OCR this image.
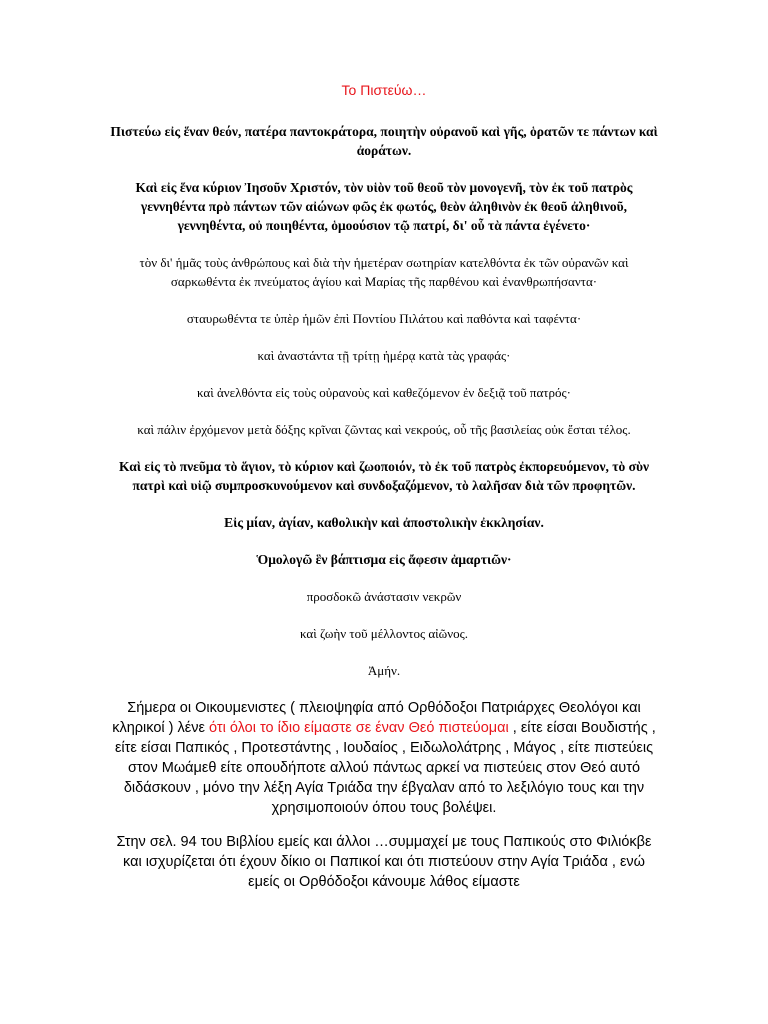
Το Πιστεύω…
Πιστεύω εἰς ἕναν θεόν, πατέρα παντοκράτορα, ποιητὴν οὐρανοῦ καὶ γῆς, ὁρατῶν τε πάντων καὶ ἀοράτων.
Καὶ εἰς ἕνα κύριον Ἰησοῦν Χριστόν, τὸν υἱὸν τοῦ θεοῦ τὸν μονογενῆ, τὸν ἐκ τοῦ πατρὸς γεννηθέντα πρὸ πάντων τῶν αἰώνων φῶς ἐκ φωτός, θεὸν ἀληθινὸν ἐκ θεοῦ ἀληθινοῦ, γεννηθέντα, οὐ ποιηθέντα, ὁμοούσιον τῷ πατρί, δι' οὗ τὰ πάντα ἐγένετο·
τὸν δι' ἡμᾶς τοὺς ἀνθρώπους καὶ διὰ τὴν ἡμετέραν σωτηρίαν κατελθόντα ἐκ τῶν οὐρανῶν καὶ σαρκωθέντα ἐκ πνεύματος ἁγίου καὶ Μαρίας τῆς παρθένου καὶ ἐνανθρωπήσαντα·
σταυρωθέντα τε ὑπὲρ ἡμῶν ἐπὶ Ποντίου Πιλάτου καὶ παθόντα καὶ ταφέντα·
καὶ ἀναστάντα τῇ τρίτῃ ἡμέρᾳ κατὰ τὰς γραφάς·
καὶ ἀνελθόντα εἰς τοὺς οὐρανοὺς καὶ καθεζόμενον ἐν δεξιᾷ τοῦ πατρός·
καὶ πάλιν ἐρχόμενον μετὰ δόξης κρῖναι ζῶντας καὶ νεκρούς, οὗ τῆς βασιλείας οὐκ ἔσται τέλος.
Καὶ εἰς τὸ πνεῦμα τὸ ἅγιον, τὸ κύριον καὶ ζωοποιόν, τὸ ἐκ τοῦ πατρὸς ἐκπορευόμενον, τὸ σὺν πατρὶ καὶ υἱῷ συμπροσκυνούμενον καὶ συνδοξαζόμενον, τὸ λαλῆσαν διὰ τῶν προφητῶν.
Εἰς μίαν, ἁγίαν, καθολικὴν καὶ ἀποστολικὴν ἐκκλησίαν.
Ὁμολογῶ ἓν βάπτισμα εἰς ἄφεσιν ἁμαρτιῶν·
προσδοκῶ ἀνάστασιν νεκρῶν
καὶ ζωὴν τοῦ μέλλοντος αἰῶνος.
Ἀμήν.
Σήμερα οι Οικουμενιστες ( πλειοψηφία από Ορθόδοξοι Πατριάρχες Θεολόγοι και κληρικοί ) λένε ότι όλοι το ίδιο είμαστε σε έναν Θεό πιστεύομαι , είτε είσαι Βουδιστής , είτε είσαι Παπικός , Προτεστάντης , Ιουδαίος , Ειδωλολάτρης , Μάγος , είτε πιστεύεις στον Μωάμεθ είτε οπουδήποτε αλλού πάντως αρκεί να πιστεύεις στον Θεό αυτό διδάσκουν , μόνο την λέξη Αγία Τριάδα την έβγαλαν από το λεξιλόγιο τους και την χρησιμοποιούν όπου τους βολέψει.
Στην σελ. 94 του Βιβλίου εμείς και άλλοι …συμμαχεί με τους Παπικούς στο Φιλιόκβε και ισχυρίζεται ότι έχουν δίκιο οι Παπικοί και ότι πιστεύουν στην Αγία Τριάδα , ενώ εμείς οι Ορθόδοξοι κάνουμε λάθος είμαστε
